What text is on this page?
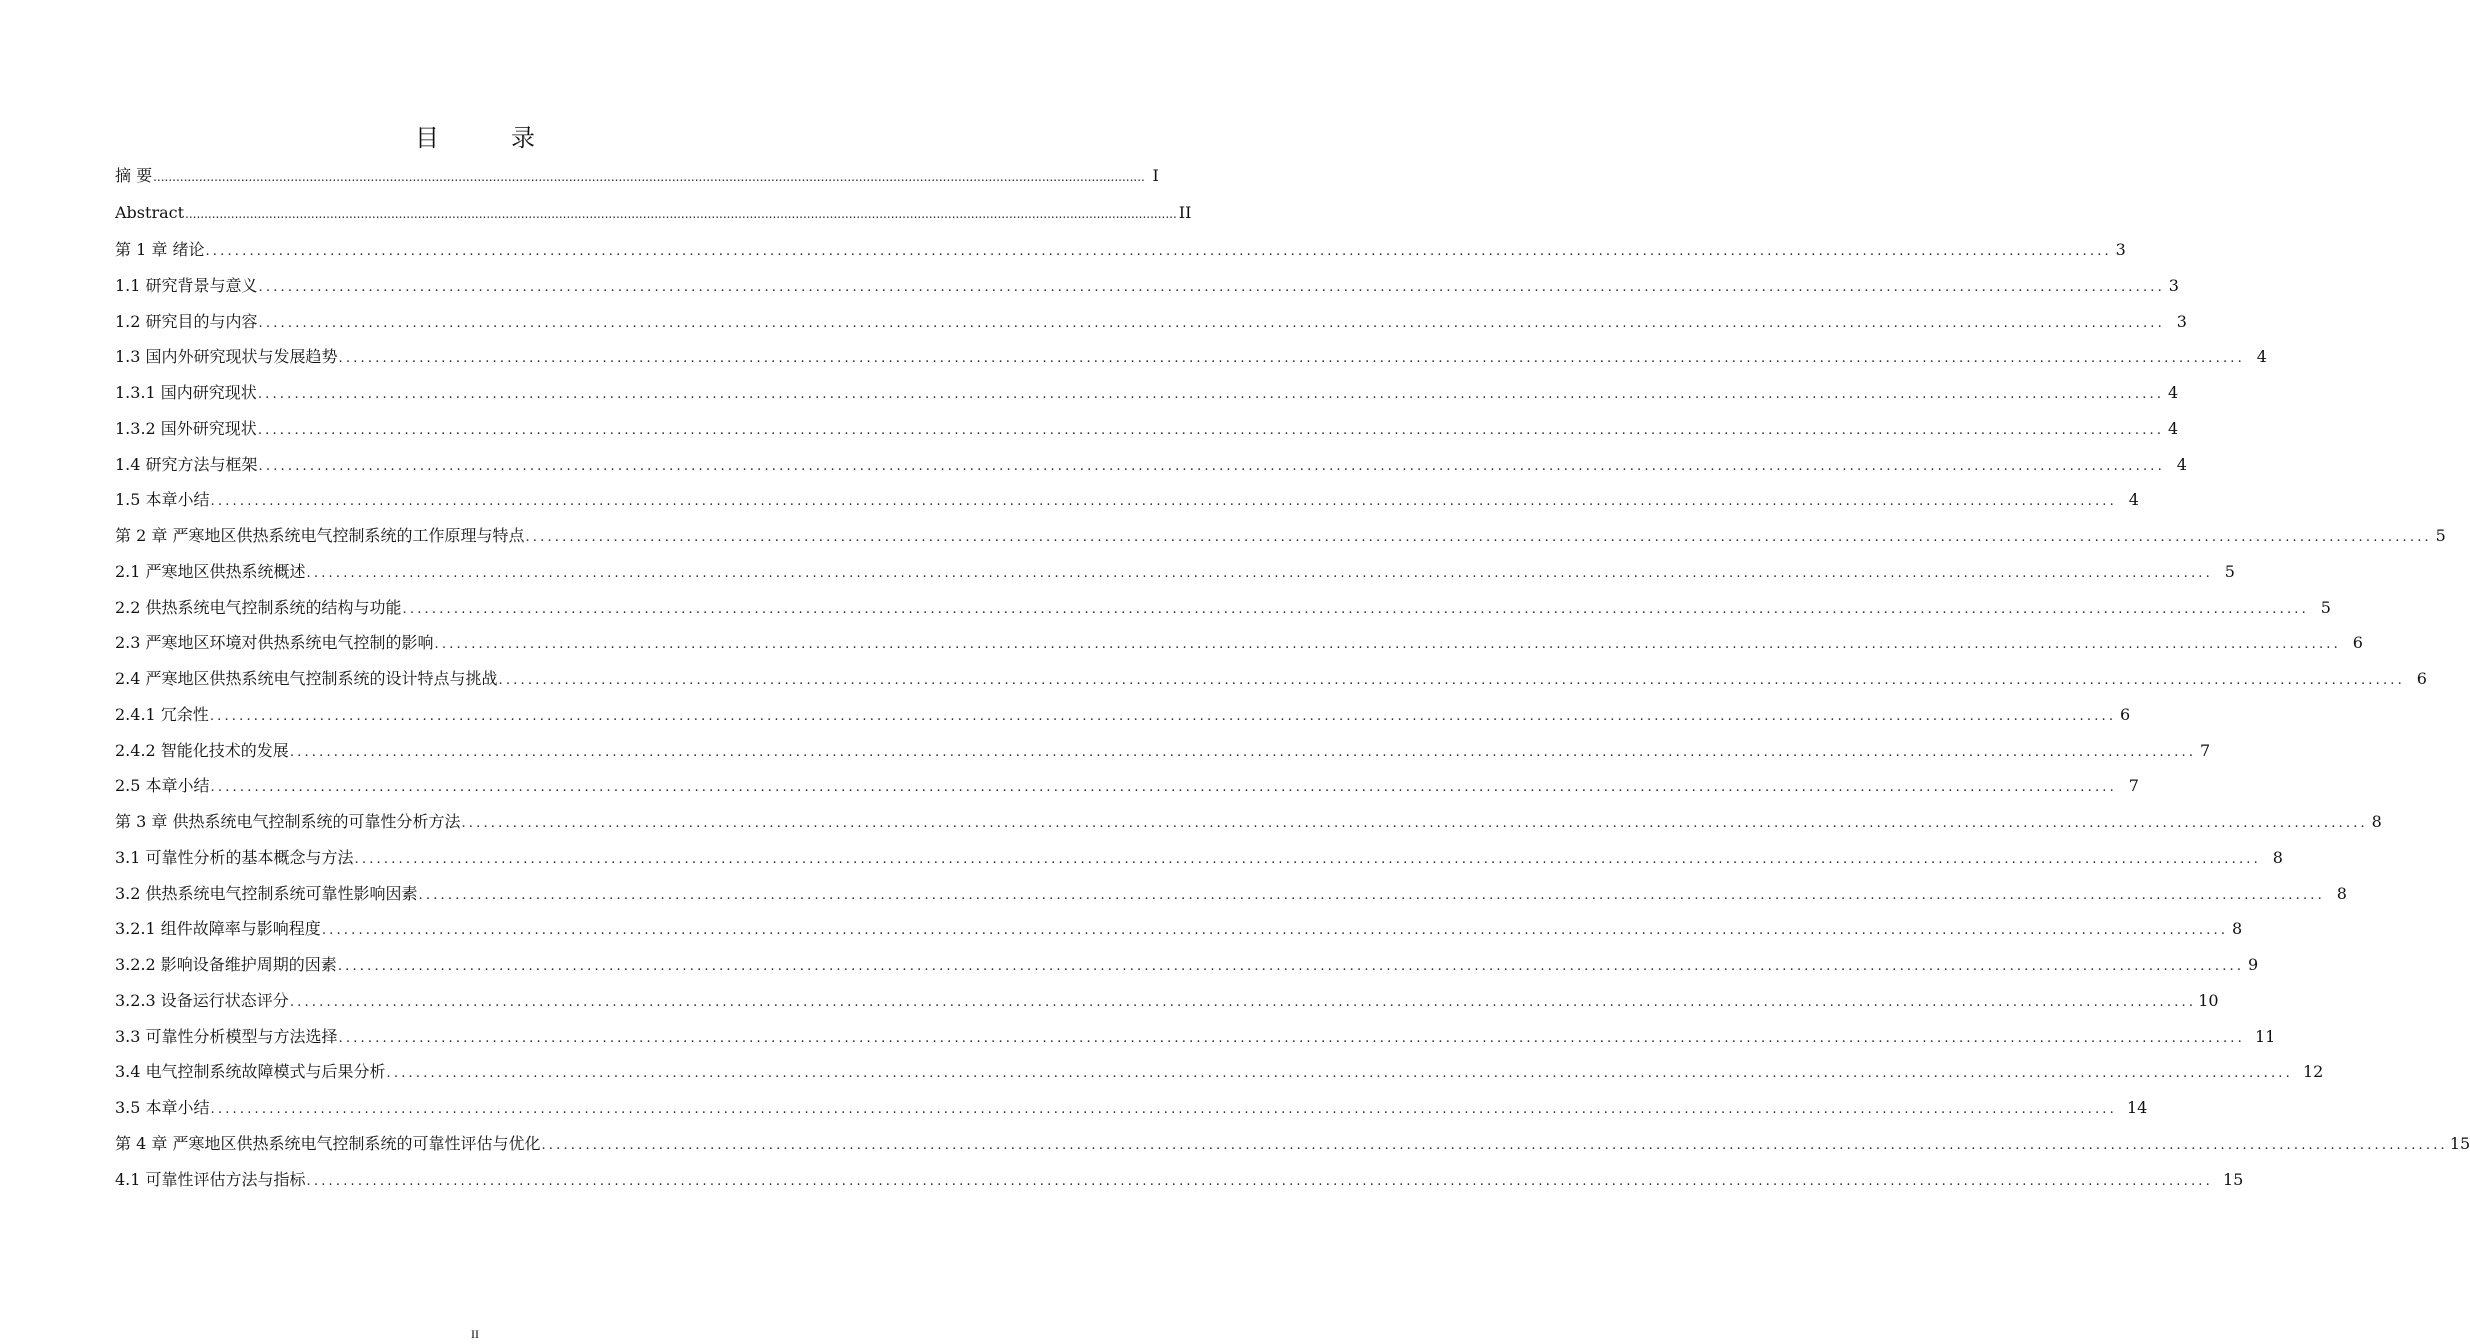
目　录
摘 要 .................................................................................................................................................................................................................................................................... I
Abstract .................................................................................................................................................................................................................................................................... II
第 1 章 绪论 .................................................................................................................................................................................................................................................................... 3
1.1 研究背景与意义 .................................................................................................................................................................................................................................................................... 3
1.2 研究目的与内容 .................................................................................................................................................................................................................................................................... 3
1.3 国内外研究现状与发展趋势 .................................................................................................................................................................................................................................................................... 4
1.3.1 国内研究现状 .................................................................................................................................................................................................................................................................... 4
1.3.2 国外研究现状 .................................................................................................................................................................................................................................................................... 4
1.4 研究方法与框架 .................................................................................................................................................................................................................................................................... 4
1.5 本章小结 .................................................................................................................................................................................................................................................................... 4
第 2 章 严寒地区供热系统电气控制系统的工作原理与特点 .................................................................................................................................................................................................................................................................... 5
2.1 严寒地区供热系统概述 .................................................................................................................................................................................................................................................................... 5
2.2 供热系统电气控制系统的结构与功能 .................................................................................................................................................................................................................................................................... 5
2.3 严寒地区环境对供热系统电气控制的影响 .................................................................................................................................................................................................................................................................... 6
2.4 严寒地区供热系统电气控制系统的设计特点与挑战 .................................................................................................................................................................................................................................................................... 6
2.4.1 冗余性 .................................................................................................................................................................................................................................................................... 6
2.4.2 智能化技术的发展 .................................................................................................................................................................................................................................................................... 7
2.5 本章小结 .................................................................................................................................................................................................................................................................... 7
第 3 章 供热系统电气控制系统的可靠性分析方法 .................................................................................................................................................................................................................................................................... 8
3.1 可靠性分析的基本概念与方法 .................................................................................................................................................................................................................................................................... 8
3.2 供热系统电气控制系统可靠性影响因素 .................................................................................................................................................................................................................................................................... 8
3.2.1 组件故障率与影响程度 .................................................................................................................................................................................................................................................................... 8
3.2.2 影响设备维护周期的因素 .................................................................................................................................................................................................................................................................... 9
3.2.3 设备运行状态评分 .................................................................................................................................................................................................................................................................... 10
3.3 可靠性分析模型与方法选择 .................................................................................................................................................................................................................................................................... 11
3.4 电气控制系统故障模式与后果分析 .................................................................................................................................................................................................................................................................... 12
3.5 本章小结 .................................................................................................................................................................................................................................................................... 14
第 4 章 严寒地区供热系统电气控制系统的可靠性评估与优化 .................................................................................................................................................................................................................................................................... 15
4.1 可靠性评估方法与指标 .................................................................................................................................................................................................................................................................... 15
II
